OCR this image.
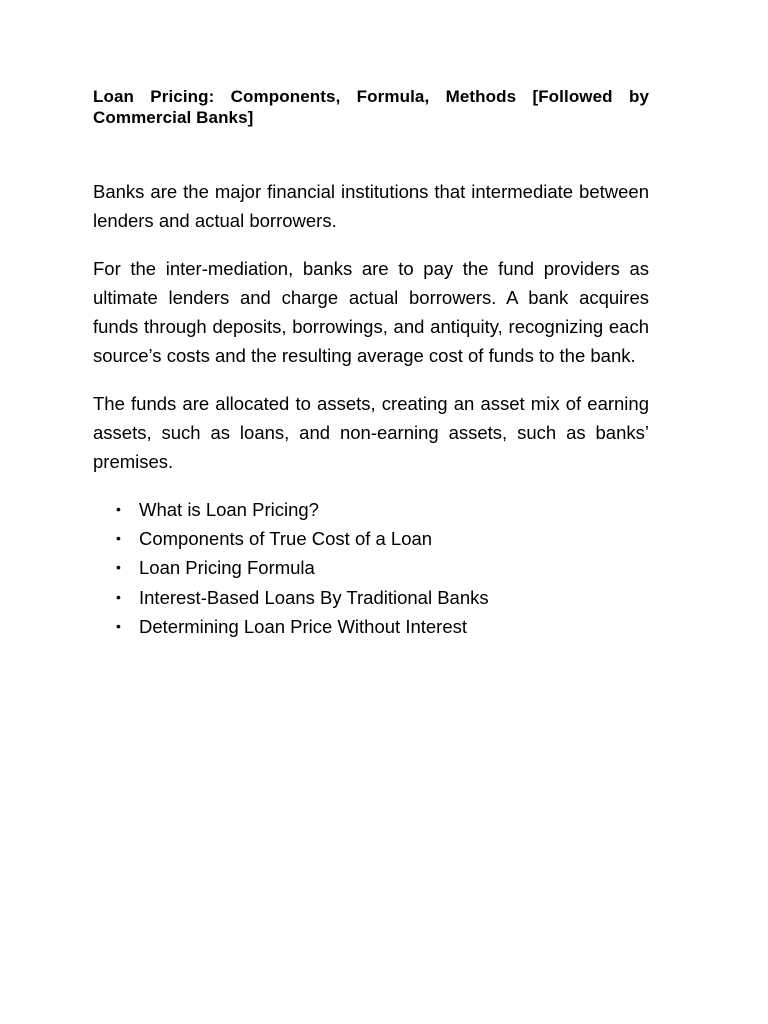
Loan Pricing: Components, Formula, Methods [Followed by Commercial Banks]

Banks are the major financial institutions that intermediate between lenders and actual borrowers.

For the inter-mediation, banks are to pay the fund providers as ultimate lenders and charge actual borrowers. A bank acquires funds through deposits, borrowings, and antiquity, recognizing each source’s costs and the resulting average cost of funds to the bank.

The funds are allocated to assets, creating an asset mix of earning assets, such as loans, and non-earning assets, such as banks’ premises.

• What is Loan Pricing?
• Components of True Cost of a Loan
• Loan Pricing Formula
• Interest-Based Loans By Traditional Banks
• Determining Loan Price Without Interest
